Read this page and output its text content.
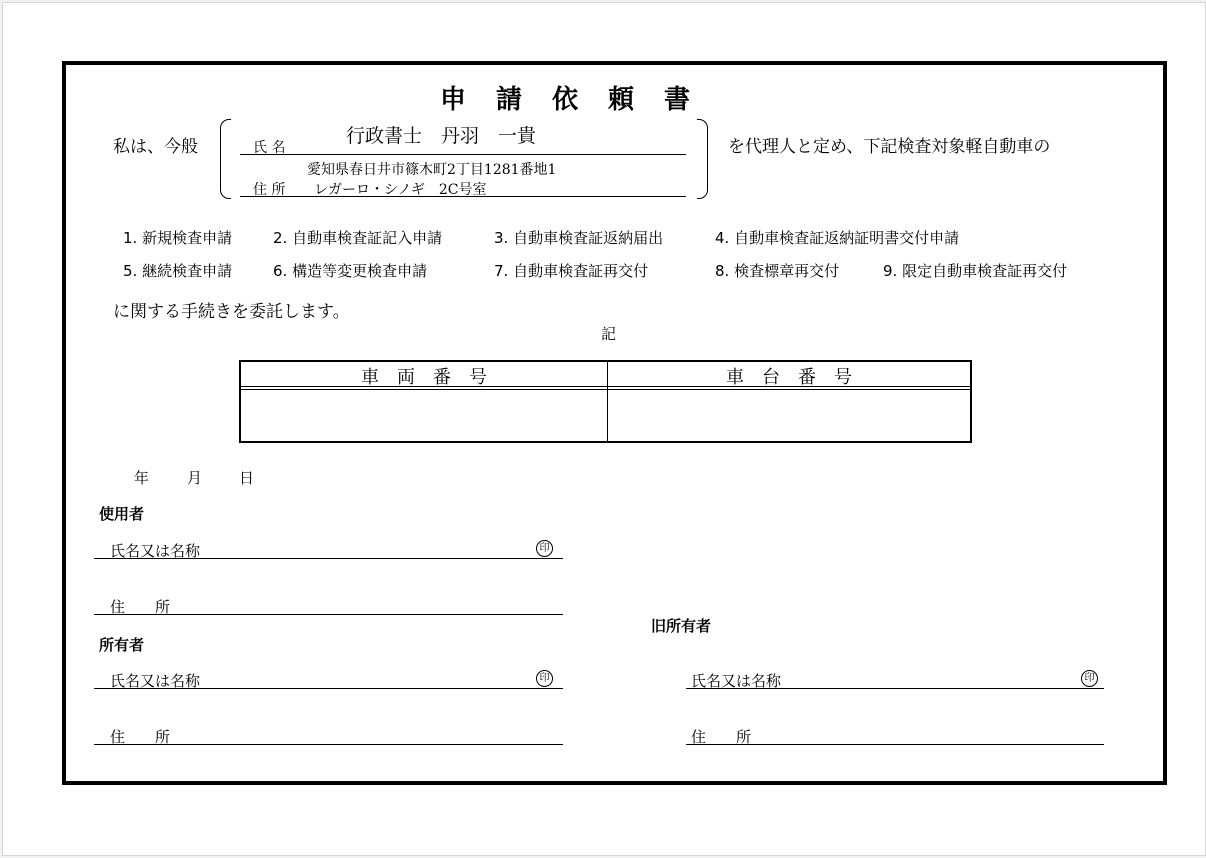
申　請　依　頼　書
私は、今般	氏 名
行政書士　丹羽　一貴
愛知県春日井市篠木町2丁目1281番地1
住 所 レガーロ・シノギ　2C号室
を代理人と定め、下記検査対象軽自動車の
1. 新規検査申請	2. 自動車検査証記入申請	3. 自動車検査証返納届出	4. 自動車検査証返納証明書交付申請
5. 継続検査申請	6. 構造等変更検査申請	7. 自動車検査証再交付	8. 検査標章再交付	9. 限定自動車検査証再交付
に関する手続きを委託します。
記
車　両　番　号	車　台　番　号
年	月 日
使用者
氏名又は名称	印
住　　所
所有者
氏名又は名称	印
住　　所
旧所有者
氏名又は名称	印
住　　所
